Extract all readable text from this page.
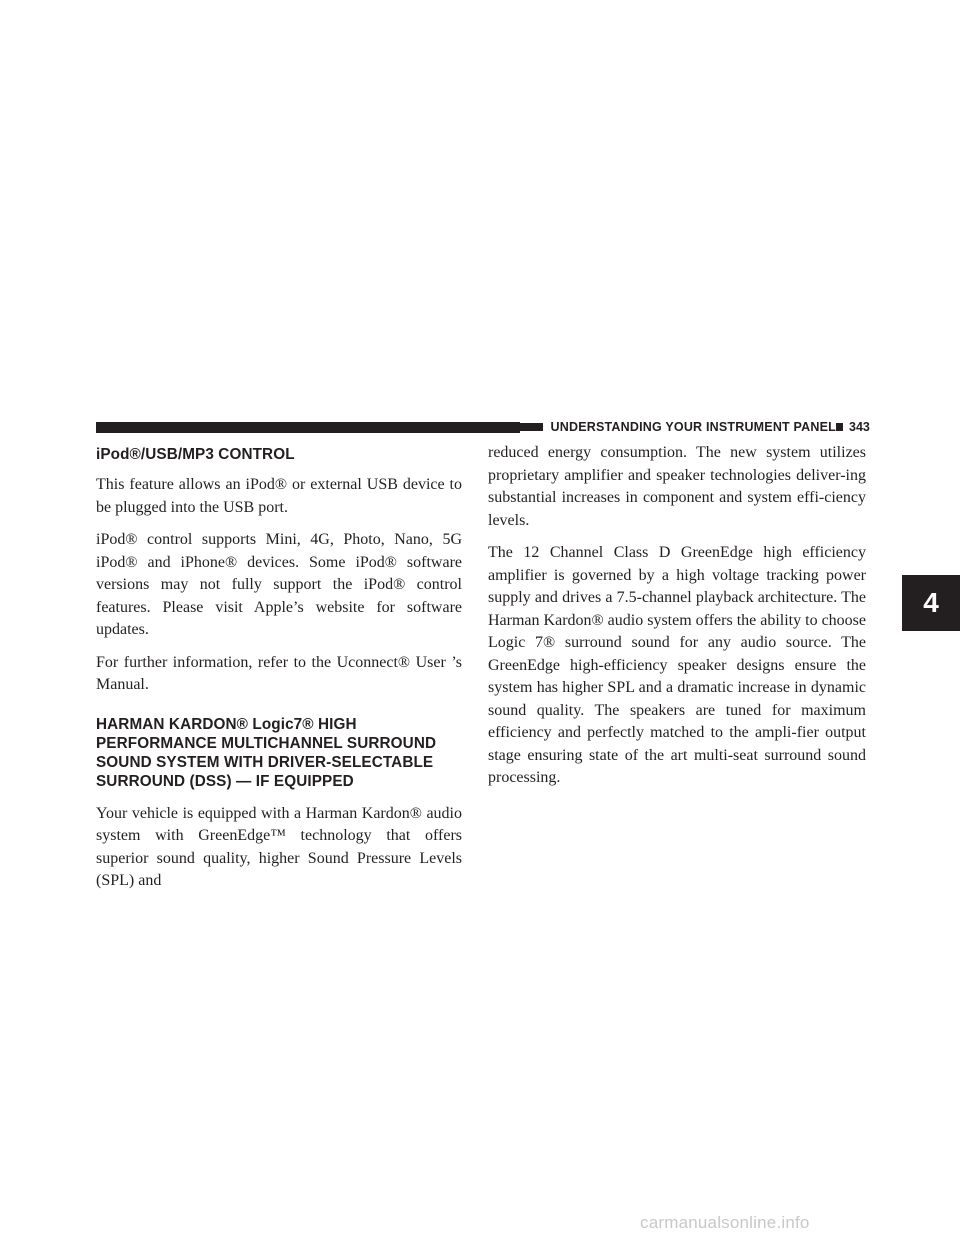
UNDERSTANDING YOUR INSTRUMENT PANEL	343
iPod®/USB/MP3 CONTROL

This feature allows an iPod® or external USB device to be plugged into the USB port.

iPod® control supports Mini, 4G, Photo, Nano, 5G iPod® and iPhone® devices. Some iPod® software versions may not fully support the iPod® control features. Please visit Apple’s website for software updates.

For further information, refer to the Uconnect® User ’s Manual.

HARMAN KARDON® Logic7® HIGH PERFORMANCE MULTICHANNEL SURROUND SOUND SYSTEM WITH DRIVER-SELECTABLE SURROUND (DSS) — IF EQUIPPED

Your vehicle is equipped with a Harman Kardon® audio system with GreenEdge™ technology that offers superior sound quality, higher Sound Pressure Levels (SPL) and

reduced energy consumption. The new system utilizes proprietary amplifier and speaker technologies deliver-ing substantial increases in component and system effi-ciency levels.

The 12 Channel Class D GreenEdge high efficiency amplifier is governed by a high voltage tracking power supply and drives a 7.5-channel playback architecture. The Harman Kardon® audio system offers the ability to choose Logic 7® surround sound for any audio source. The GreenEdge high-efficiency speaker designs ensure the system has higher SPL and a dramatic increase in dynamic sound quality. The speakers are tuned for maximum efficiency and perfectly matched to the ampli-fier output stage ensuring state of the art multi-seat surround sound processing.

4
carmanualsonline.info
